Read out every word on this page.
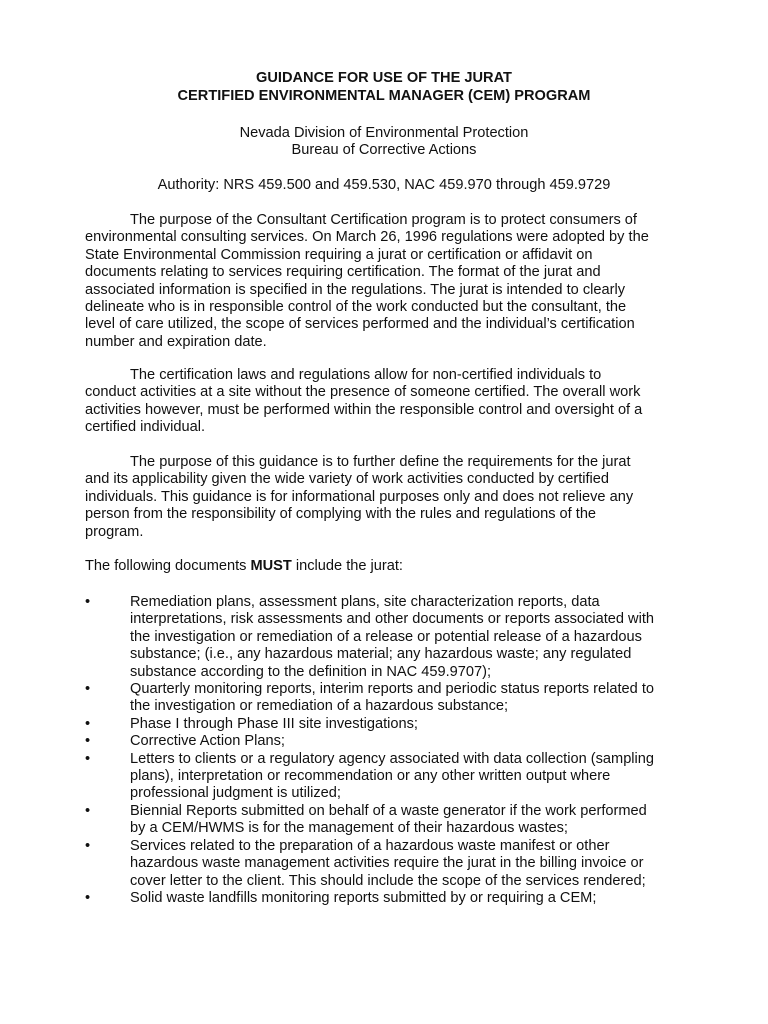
GUIDANCE FOR USE OF THE JURAT
CERTIFIED ENVIRONMENTAL MANAGER (CEM) PROGRAM
Nevada Division of Environmental Protection
Bureau of Corrective Actions
Authority: NRS 459.500 and 459.530, NAC 459.970 through 459.9729
The purpose of the Consultant Certification program is to protect consumers of
environmental consulting services. On March 26, 1996 regulations were adopted by the
State Environmental Commission requiring a jurat or certification or affidavit on
documents relating to services requiring certification. The format of the jurat and
associated information is specified in the regulations. The jurat is intended to clearly
delineate who is in responsible control of the work conducted but the consultant, the
level of care utilized, the scope of services performed and the individual’s certification
number and expiration date.
The certification laws and regulations allow for non-certified individuals to
conduct activities at a site without the presence of someone certified. The overall work
activities however, must be performed within the responsible control and oversight of a
certified individual.
The purpose of this guidance is to further define the requirements for the jurat
and its applicability given the wide variety of work activities conducted by certified
individuals. This guidance is for informational purposes only and does not relieve any
person from the responsibility of complying with the rules and regulations of the
program.
The following documents MUST include the jurat:
•	Remediation plans, assessment plans, site characterization reports, data
interpretations, risk assessments and other documents or reports associated with
the investigation or remediation of a release or potential release of a hazardous
substance; (i.e., any hazardous material; any hazardous waste; any regulated
substance according to the definition in NAC 459.9707);
•	Quarterly monitoring reports, interim reports and periodic status reports related to
the investigation or remediation of a hazardous substance;
•	Phase I through Phase III site investigations;
•	Corrective Action Plans;
•	Letters to clients or a regulatory agency associated with data collection (sampling
plans), interpretation or recommendation or any other written output where
professional judgment is utilized;
•	Biennial Reports submitted on behalf of a waste generator if the work performed
by a CEM/HWMS is for the management of their hazardous wastes;
•	Services related to the preparation of a hazardous waste manifest or other
hazardous waste management activities require the jurat in the billing invoice or
cover letter to the client. This should include the scope of the services rendered;
•	Solid waste landfills monitoring reports submitted by or requiring a CEM;
